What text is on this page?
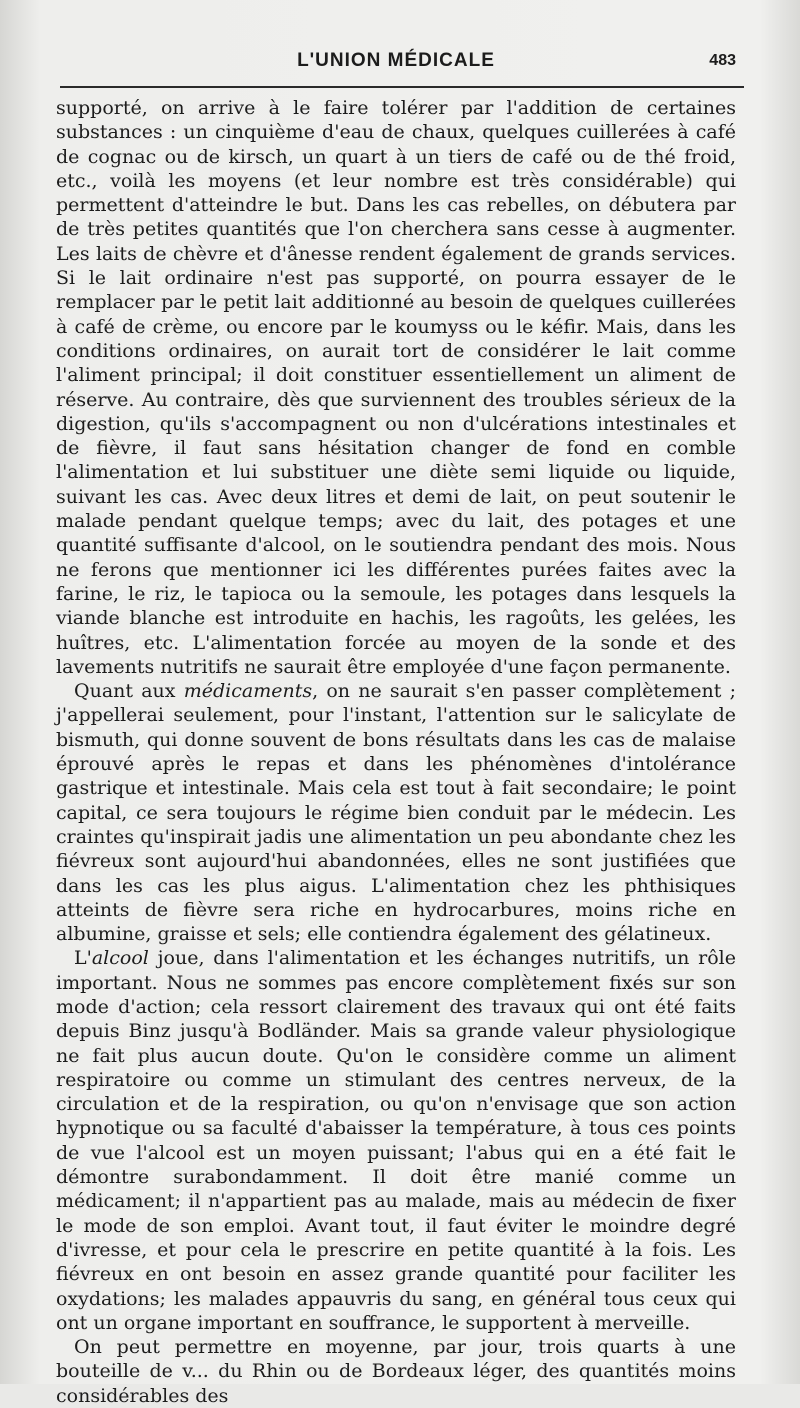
L'UNION MÉDICALE	483

supporté, on arrive à le faire tolérer par l'addition de certaines substances : un cinquième d'eau de chaux, quelques cuillerées à café de cognac ou de kirsch, un quart à un tiers de café ou de thé froid, etc., voilà les moyens (et leur nombre est très considérable) qui permettent d'atteindre le but. Dans les cas rebelles, on débutera par de très petites quantités que l'on cherchera sans cesse à augmenter. Les laits de chèvre et d'ânesse rendent également de grands services. Si le lait ordinaire n'est pas supporté, on pourra essayer de le remplacer par le petit lait additionné au besoin de quelques cuillerées à café de crème, ou encore par le koumyss ou le kéfir. Mais, dans les conditions ordinaires, on aurait tort de considérer le lait comme l'aliment principal; il doit constituer essentiellement un aliment de réserve. Au contraire, dès que surviennent des troubles sérieux de la digestion, qu'ils s'accompagnent ou non d'ulcérations intestinales et de fièvre, il faut sans hésitation changer de fond en comble l'alimentation et lui substituer une diète semi liquide ou liquide, suivant les cas. Avec deux litres et demi de lait, on peut soutenir le malade pendant quelque temps; avec du lait, des potages et une quantité suffisante d'alcool, on le soutiendra pendant des mois. Nous ne ferons que mentionner ici les différentes purées faites avec la farine, le riz, le tapioca ou la semoule, les potages dans lesquels la viande blanche est introduite en hachis, les ragoûts, les gelées, les huîtres, etc. L'alimentation forcée au moyen de la sonde et des lavements nutritifs ne saurait être employée d'une façon permanente.

Quant aux médicaments, on ne saurait s'en passer complètement ; j'appellerai seulement, pour l'instant, l'attention sur le salicylate de bismuth, qui donne souvent de bons résultats dans les cas de malaise éprouvé après le repas et dans les phénomènes d'intolérance gastrique et intestinale. Mais cela est tout à fait secondaire; le point capital, ce sera toujours le régime bien conduit par le médecin. Les craintes qu'inspirait jadis une alimentation un peu abondante chez les fiévreux sont aujourd'hui abandonnées, elles ne sont justifiées que dans les cas les plus aigus. L'alimentation chez les phthisiques atteints de fièvre sera riche en hydrocarbures, moins riche en albumine, graisse et sels; elle contiendra également des gélatineux.

L'alcool joue, dans l'alimentation et les échanges nutritifs, un rôle important. Nous ne sommes pas encore complètement fixés sur son mode d'action; cela ressort clairement des travaux qui ont été faits depuis Binz jusqu'à Bodländer. Mais sa grande valeur physiologique ne fait plus aucun doute. Qu'on le considère comme un aliment respiratoire ou comme un stimulant des centres nerveux, de la circulation et de la respiration, ou qu'on n'envisage que son action hypnotique ou sa faculté d'abaisser la température, à tous ces points de vue l'alcool est un moyen puissant; l'abus qui en a été fait le démontre surabondamment. Il doit être manié comme un médicament; il n'appartient pas au malade, mais au médecin de fixer le mode de son emploi. Avant tout, il faut éviter le moindre degré d'ivresse, et pour cela le prescrire en petite quantité à la fois. Les fiévreux en ont besoin en assez grande quantité pour faciliter les oxydations; les malades appauvris du sang, en général tous ceux qui ont un organe important en souffrance, le supportent à merveille.

On peut permettre en moyenne, par jour, trois quarts à une bouteille de v... du Rhin ou de Bordeaux léger, des quantités moins considérables des
